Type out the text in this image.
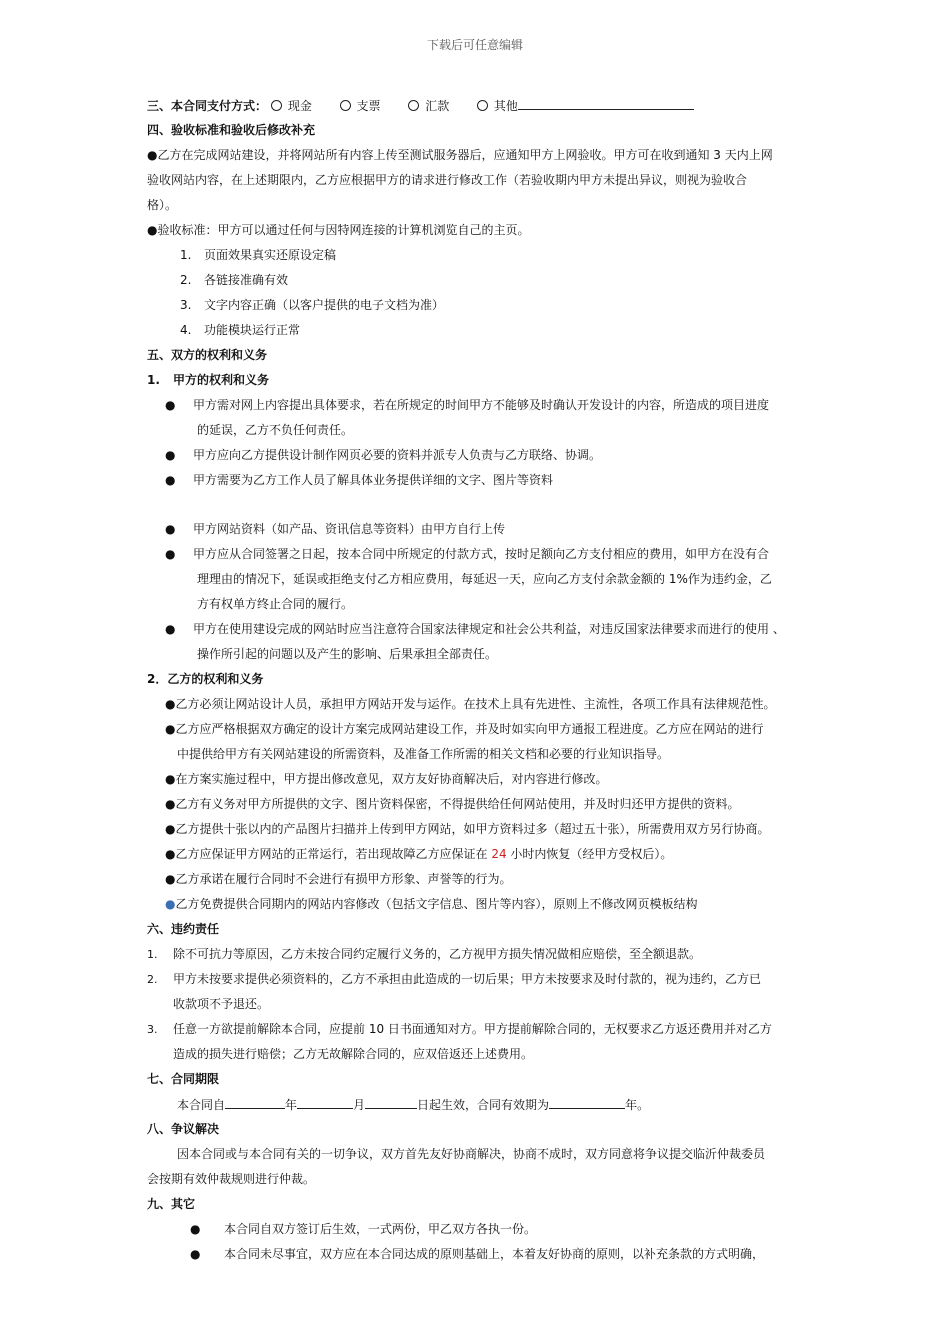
下载后可任意编辑
三、本合同支付方式： 现金	支票	汇款	其他
四、验收标准和验收后修改补充
●乙方在完成网站建设，并将网站所有内容上传至测试服务器后，应通知甲方上网验收。甲方可在收到通知 3 天内上网
验收网站内容，在上述期限内，乙方应根据甲方的请求进行修改工作（若验收期内甲方未提出异议，则视为验收合
格）。
●验收标准：甲方可以通过任何与因特网连接的计算机浏览自己的主页。
1. 页面效果真实还原设定稿
2. 各链接准确有效
3. 文字内容正确（以客户提供的电子文档为准）
4. 功能模块运行正常
五、双方的权利和义务
1. 甲方的权利和义务
● 甲方需对网上内容提出具体要求，若在所规定的时间甲方不能够及时确认开发设计的内容，所造成的项目进度
的延误，乙方不负任何责任。
● 甲方应向乙方提供设计制作网页必要的资料并派专人负责与乙方联络、协调。
● 甲方需要为乙方工作人员了解具体业务提供详细的文字、图片等资料
● 甲方网站资料（如产品、资讯信息等资料）由甲方自行上传
● 甲方应从合同签署之日起，按本合同中所规定的付款方式，按时足额向乙方支付相应的费用，如甲方在没有合
理理由的情况下，延误或拒绝支付乙方相应费用，每延迟一天，应向乙方支付余款金额的 1%作为违约金，乙
方有权单方终止合同的履行。
● 甲方在使用建设完成的网站时应当注意符合国家法律规定和社会公共利益，对违反国家法律要求而进行的使用 、
操作所引起的问题以及产生的影响、后果承担全部责任。
2．乙方的权利和义务
●乙方必须让网站设计人员，承担甲方网站开发与运作。在技术上具有先进性、主流性，各项工作具有法律规范性。
●乙方应严格根据双方确定的设计方案完成网站建设工作，并及时如实向甲方通报工程进度。乙方应在网站的进行
中提供给甲方有关网站建设的所需资料，及准备工作所需的相关文档和必要的行业知识指导。
●在方案实施过程中，甲方提出修改意见，双方友好协商解决后，对内容进行修改。
●乙方有义务对甲方所提供的文字、图片资料保密，不得提供给任何网站使用，并及时归还甲方提供的资料。
●乙方提供十张以内的产品图片扫描并上传到甲方网站，如甲方资料过多（超过五十张），所需费用双方另行协商。
●乙方应保证甲方网站的正常运行，若出现故障乙方应保证在 24 小时内恢复（经甲方受权后）。
●乙方承诺在履行合同时不会进行有损甲方形象、声誉等的行为。
●乙方免费提供合同期内的网站内容修改（包括文字信息、图片等内容），原则上不修改网页模板结构
六、违约责任
1. 除不可抗力等原因，乙方未按合同约定履行义务的，乙方视甲方损失情况做相应赔偿，至全额退款。
2. 甲方未按要求提供必须资料的，乙方不承担由此造成的一切后果；甲方未按要求及时付款的，视为违约，乙方已
收款项不予退还。
3. 任意一方欲提前解除本合同，应提前 10 日书面通知对方。甲方提前解除合同的，无权要求乙方返还费用并对乙方
造成的损失进行赔偿；乙方无故解除合同的，应双倍返还上述费用。
七、合同期限
本合同自	年	月	日起生效，合同有效期为	年。
八、争议解决
因本合同或与本合同有关的一切争议，双方首先友好协商解决，协商不成时，双方同意将争议提交临沂仲裁委员
会按期有效仲裁规则进行仲裁。
九、其它
● 本合同自双方签订后生效，一式两份，甲乙双方各执一份。
● 本合同未尽事宜，双方应在本合同达成的原则基础上，本着友好协商的原则，以补充条款的方式明确，
